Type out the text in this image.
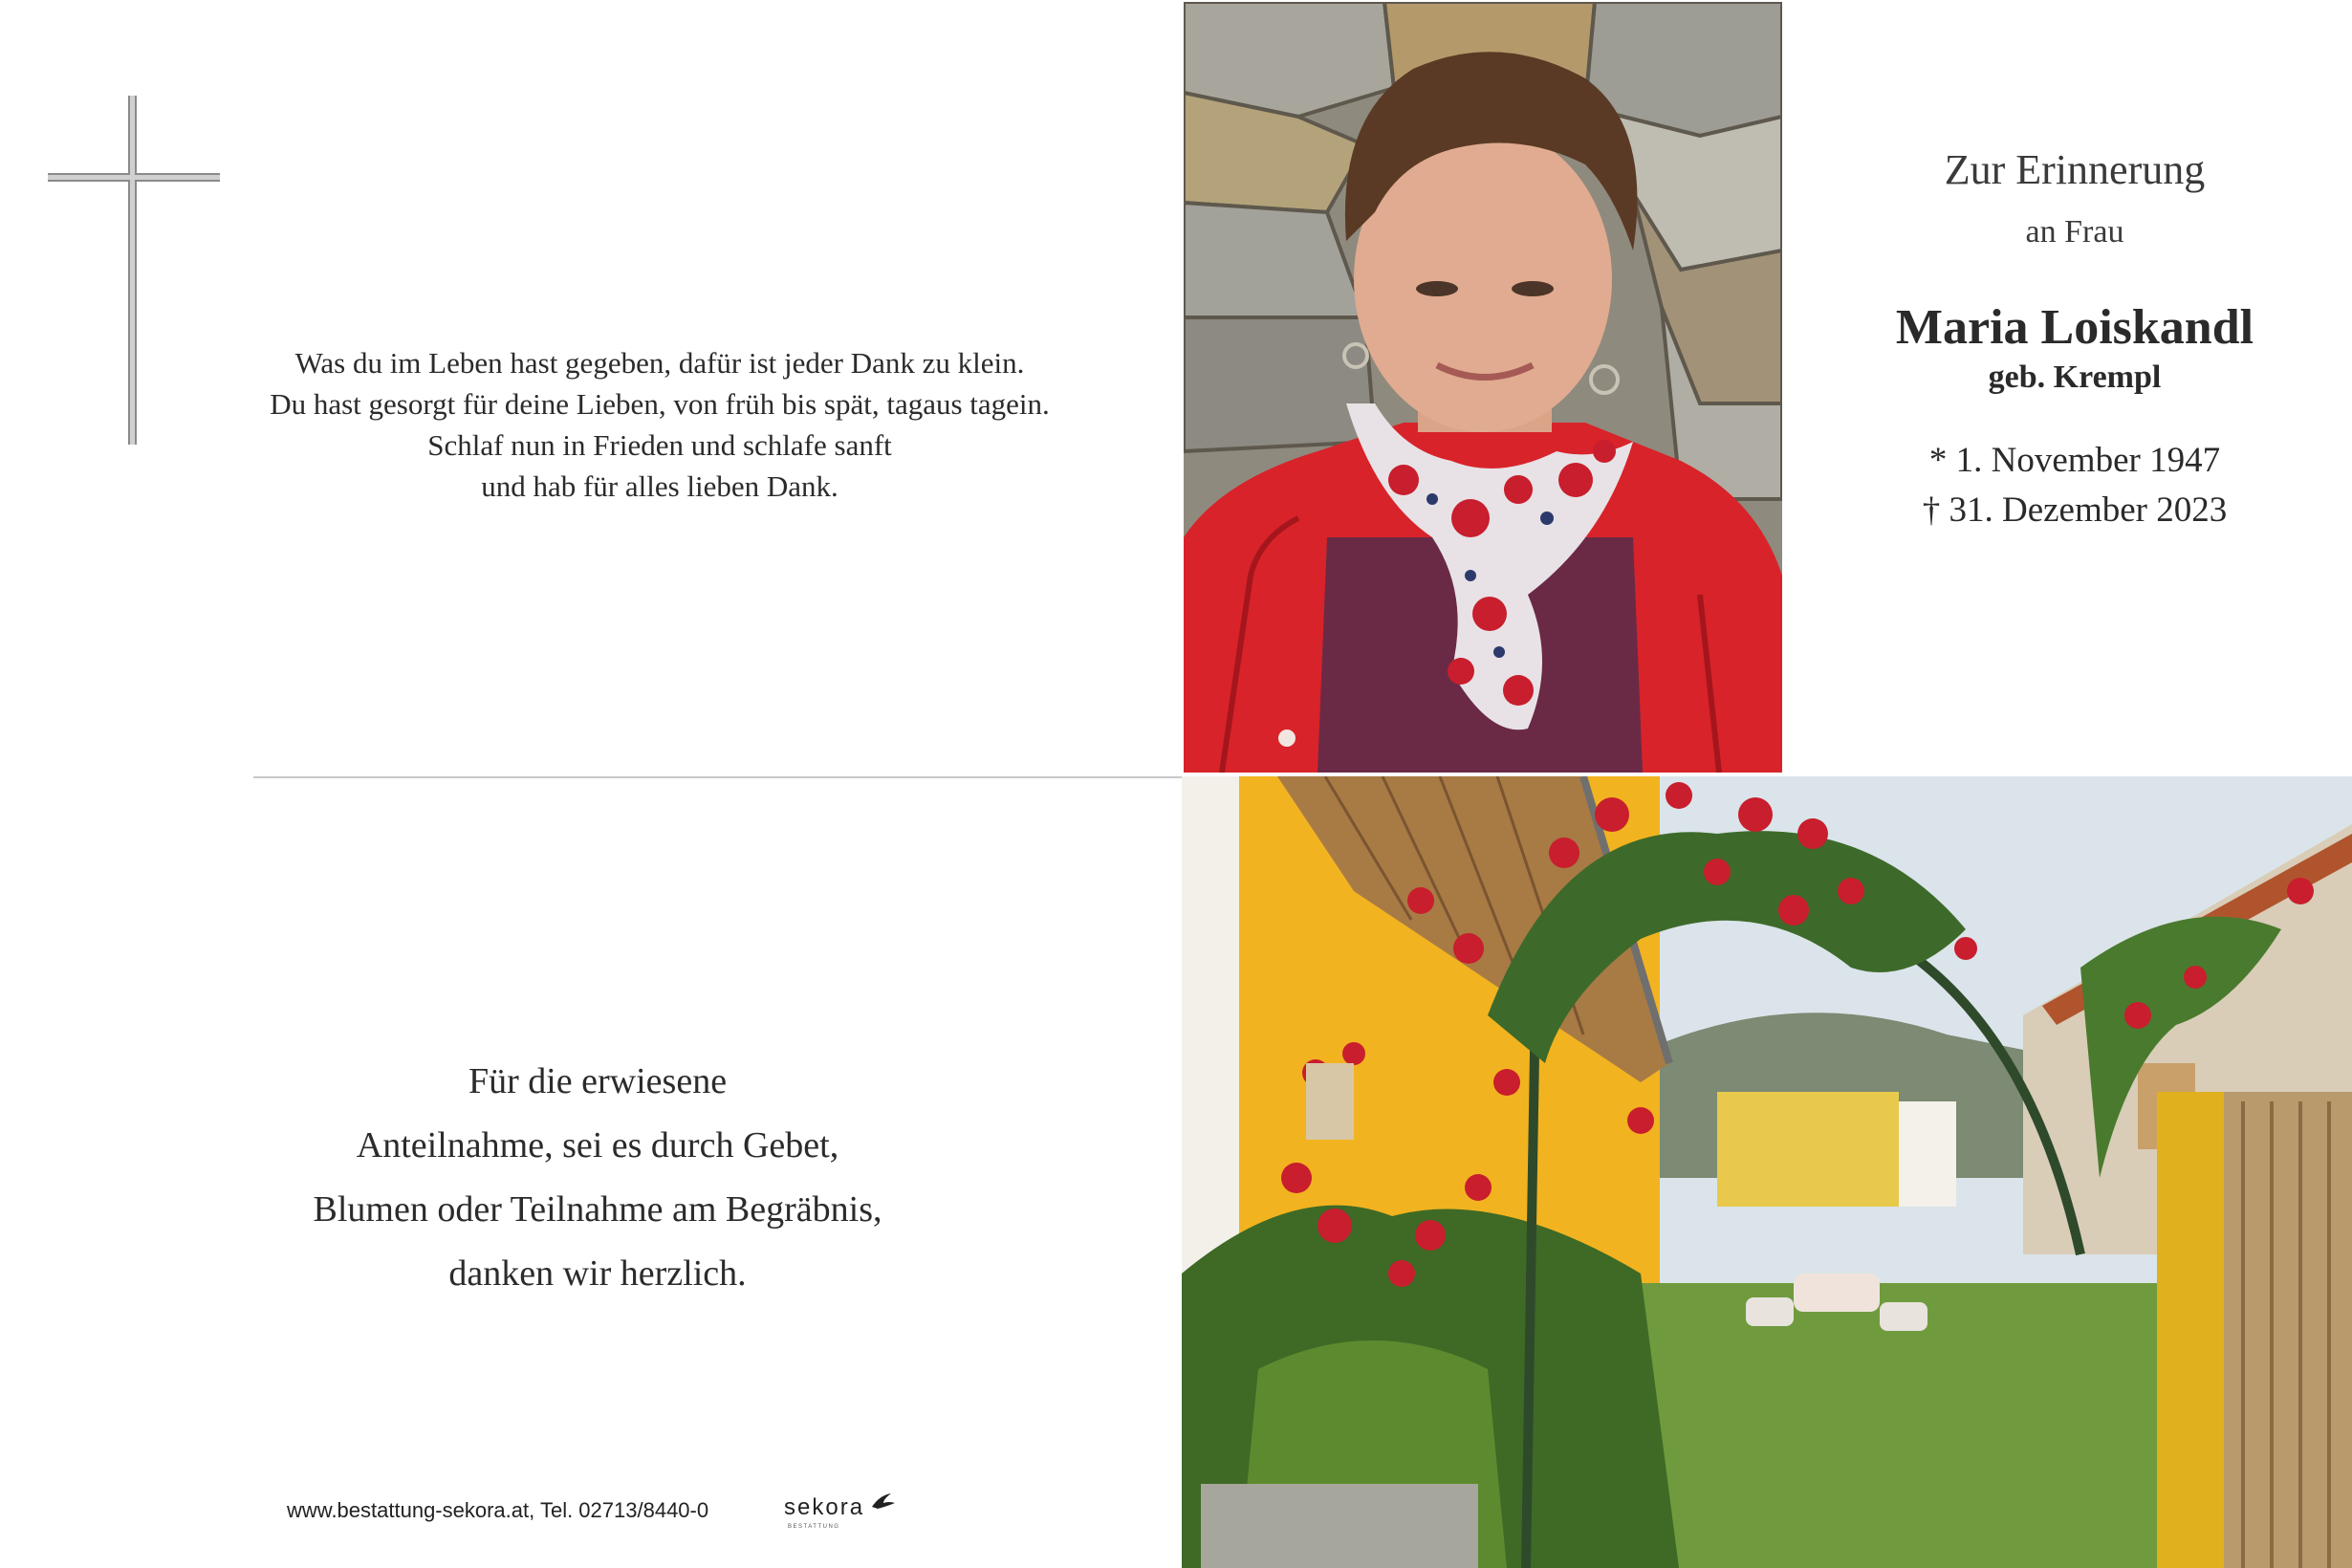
Was du im Leben hast gegeben, dafür ist jeder Dank zu klein.
Du hast gesorgt für deine Lieben, von früh bis spät, tagaus tagein.
Schlaf nun in Frieden und schlafe sanft
und hab für alles lieben Dank.
Für die erwiesene
Anteilnahme, sei es durch Gebet,
Blumen oder Teilnahme am Begräbnis,
danken wir herzlich.
www.bestattung-sekora.at, Tel. 02713/8440-0	sekora
BESTATTUNG
Zur Erinnerung
an Frau
Maria Loiskandl
geb. Krempl
* 1. November 1947
† 31. Dezember 2023
